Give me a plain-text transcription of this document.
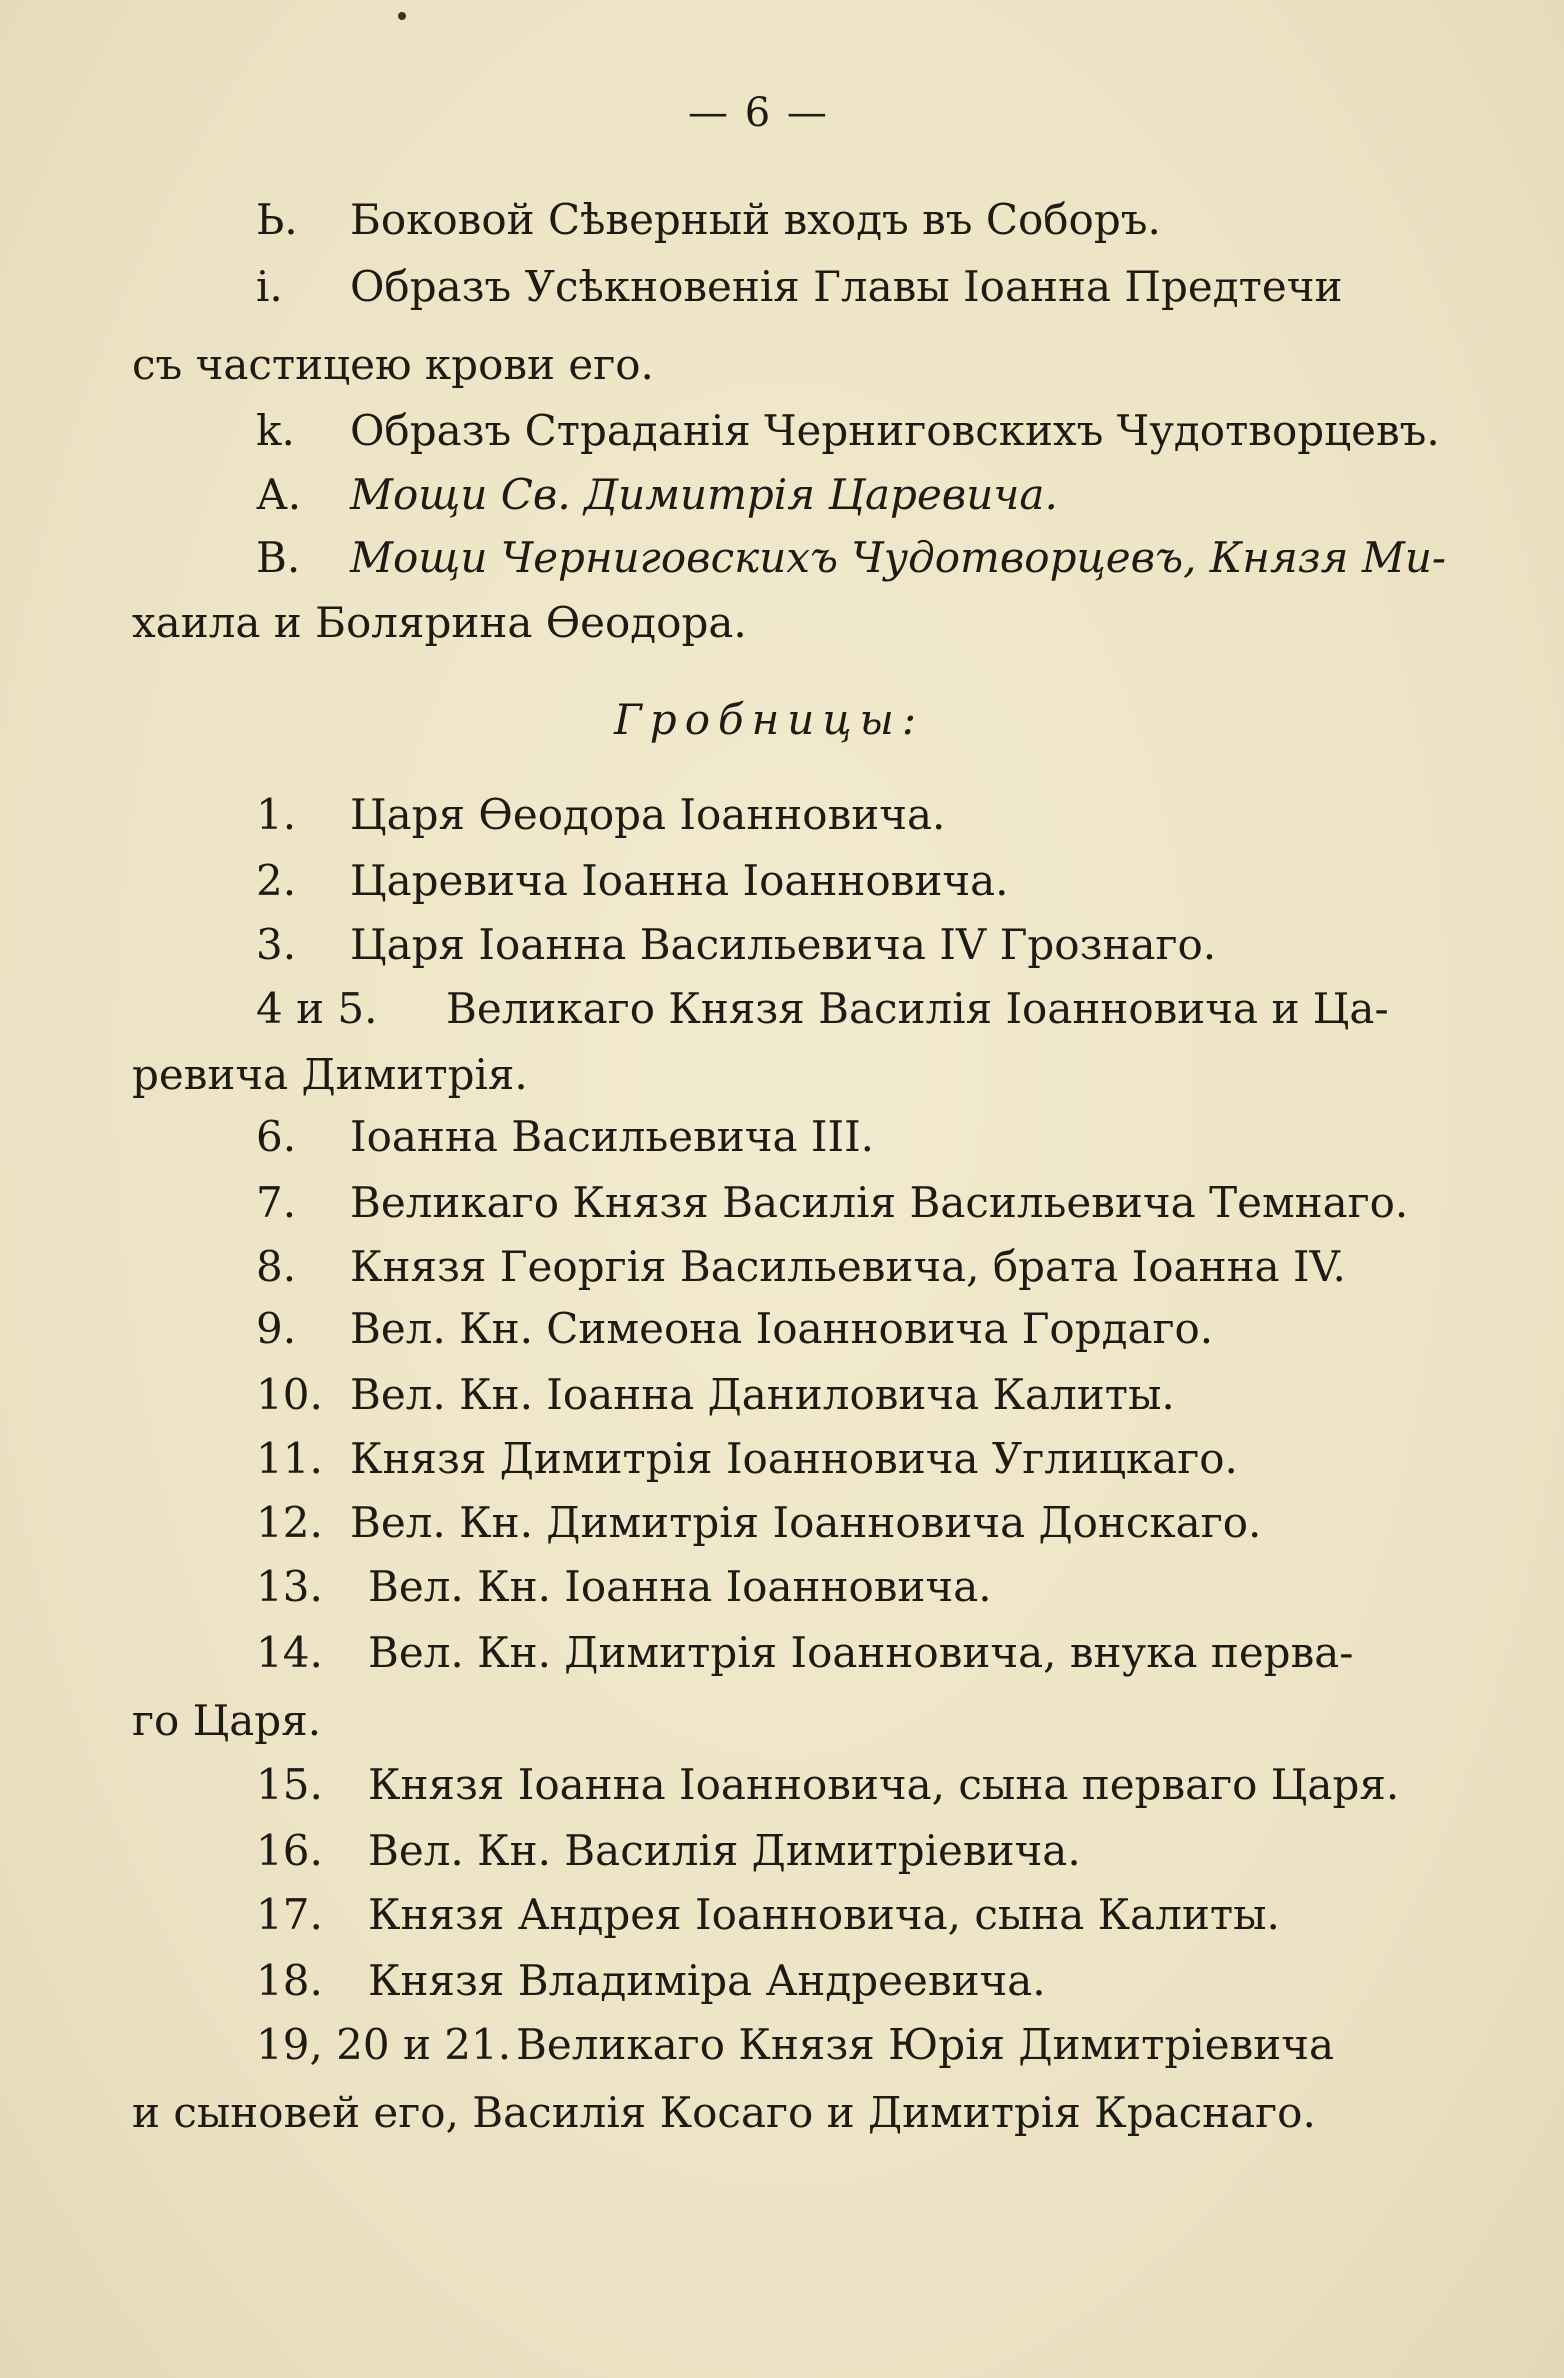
— 6 —
Ь. Боковой Сѣверный входъ въ Соборъ.
і. Образъ Усѣкновенія Главы Іоанна Предтечи
съ частицею крови его.
k. Образъ Страданія Черниговскихъ Чудотворцевъ.
А. Мощи Св. Димитрія Царевича.
В. Мощи Черниговскихъ Чудотворцевъ, Князя Ми-
хаила и Болярина Ѳеодора.
Гробницы:
1. Царя Ѳеодора Іоанновича.
2. Царевича Іоанна Іоанновича.
3. Царя Іоанна Васильевича IV Грознаго.
4 и 5. Великаго Князя Василія Іоанновича и Ца-
ревича Димитрія.
6. Іоанна Васильевича III.
7. Великаго Князя Василія Васильевича Темнаго.
8. Князя Георгія Васильевича, брата Іоанна IV.
9. Вел. Кн. Симеона Іоанновича Гордаго.
10. Вел. Кн. Іоанна Даниловича Калиты.
11. Князя Димитрія Іоанновича Углицкаго.
12. Вел. Кн. Димитрія Іоанновича Донскаго.
13. Вел. Кн. Іоанна Іоанновича.
14. Вел. Кн. Димитрія Іоанновича, внука перва-
го Царя.
15. Князя Іоанна Іоанновича, сына перваго Царя.
16. Вел. Кн. Василія Димитріевича.
17. Князя Андрея Іоанновича, сына Калиты.
18. Князя Владиміра Андреевича.
19, 20 и 21. Великаго Князя Юрія Димитріевича
и сыновей его, Василія Косаго и Димитрія Краснаго.
